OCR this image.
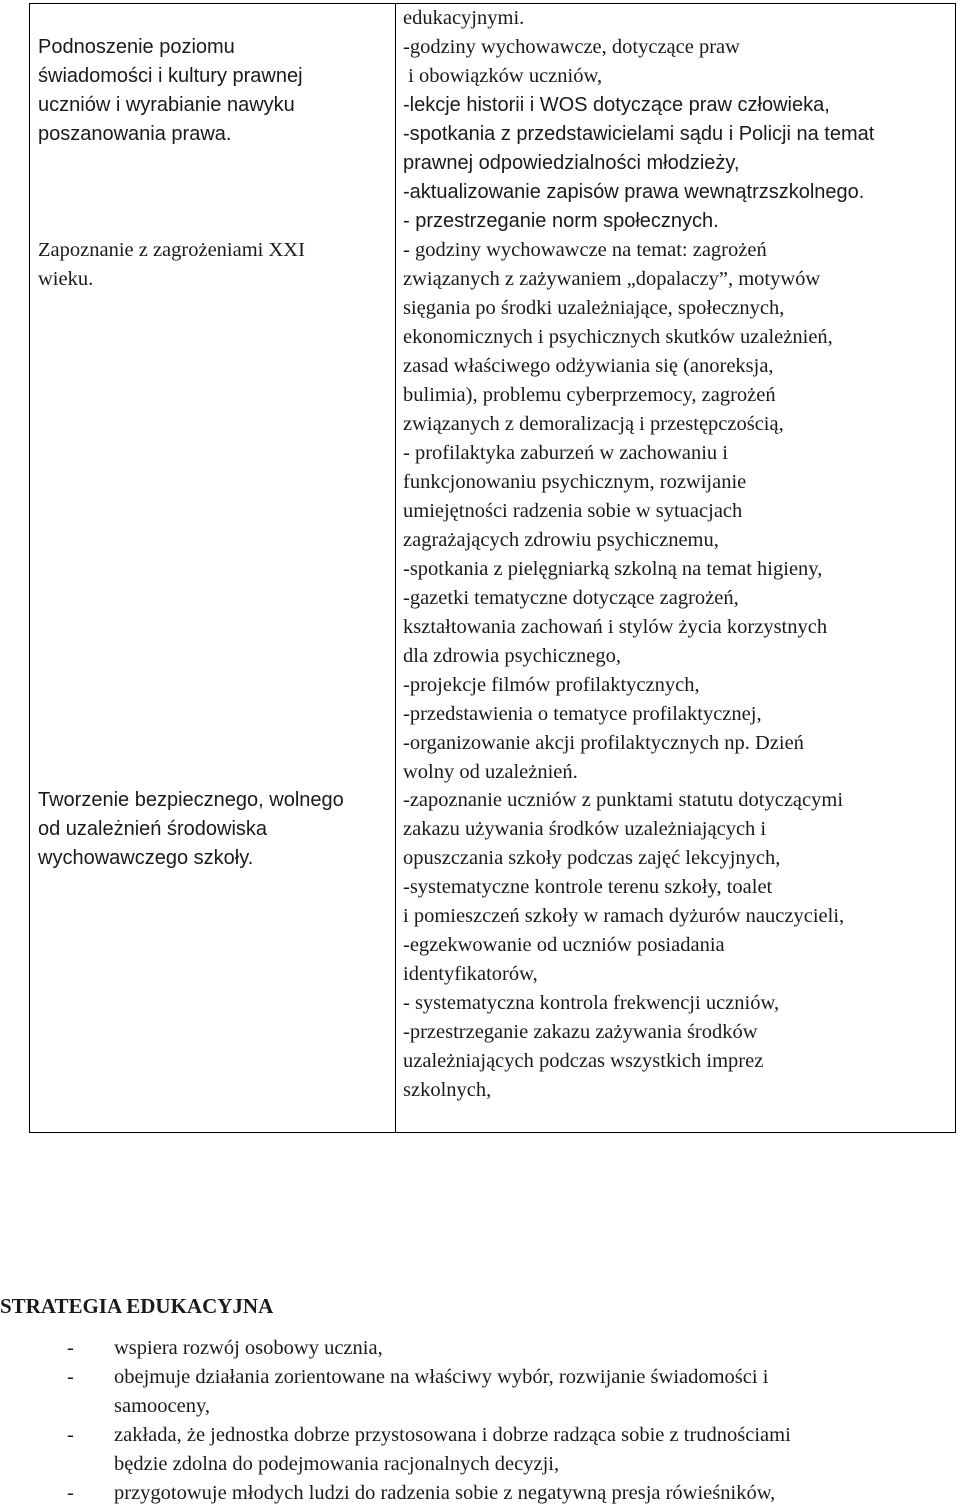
Podnoszenie poziomu
świadomości i kultury prawnej
uczniów i wyrabianie nawyku
poszanowania prawa.
edukacyjnymi.
-godziny wychowawcze, dotyczące praw
i obowiązków uczniów,
-lekcje historii i WOS dotyczące praw człowieka,
-spotkania z przedstawicielami sądu i Policji na temat
prawnej odpowiedzialności młodzieży,
-aktualizowanie zapisów prawa wewnątrzszkolnego.
- przestrzeganie norm społecznych.
Zapoznanie z zagrożeniami XXI
wieku.
- godziny wychowawcze na temat: zagrożeń
związanych z zażywaniem „dopalaczy”, motywów
sięgania po środki uzależniające, społecznych,
ekonomicznych i psychicznych skutków uzależnień,
zasad właściwego odżywiania się (anoreksja,
bulimia), problemu cyberprzemocy, zagrożeń
związanych z demoralizacją i przestępczością,
- profilaktyka zaburzeń w zachowaniu i
funkcjonowaniu psychicznym, rozwijanie
umiejętności radzenia sobie w sytuacjach
zagrażających zdrowiu psychicznemu,
-spotkania z pielęgniarką szkolną na temat higieny,
-gazetki tematyczne dotyczące zagrożeń,
kształtowania zachowań i stylów życia korzystnych
dla zdrowia psychicznego,
-projekcje filmów profilaktycznych,
-przedstawienia o tematyce profilaktycznej,
-organizowanie akcji profilaktycznych np. Dzień
wolny od uzależnień.
Tworzenie bezpiecznego, wolnego
od uzależnień środowiska
wychowawczego szkoły.
-zapoznanie uczniów z punktami statutu dotyczącymi
zakazu używania środków uzależniających i
opuszczania szkoły podczas zajęć lekcyjnych,
-systematyczne kontrole terenu szkoły, toalet
i pomieszczeń szkoły w ramach dyżurów nauczycieli,
-egzekwowanie od uczniów posiadania
identyfikatorów,
- systematyczna kontrola frekwencji uczniów,
-przestrzeganie zakazu zażywania środków
uzależniających podczas wszystkich imprez
szkolnych,
STRATEGIA EDUKACYJNA
- wspiera rozwój osobowy ucznia,
- obejmuje działania zorientowane na właściwy wybór, rozwijanie świadomości i
samooceny,
- zakłada, że jednostka dobrze przystosowana i dobrze radząca sobie z trudnościami
będzie zdolna do podejmowania racjonalnych decyzji,
- przygotowuje młodych ludzi do radzenia sobie z negatywną presja rówieśników,
